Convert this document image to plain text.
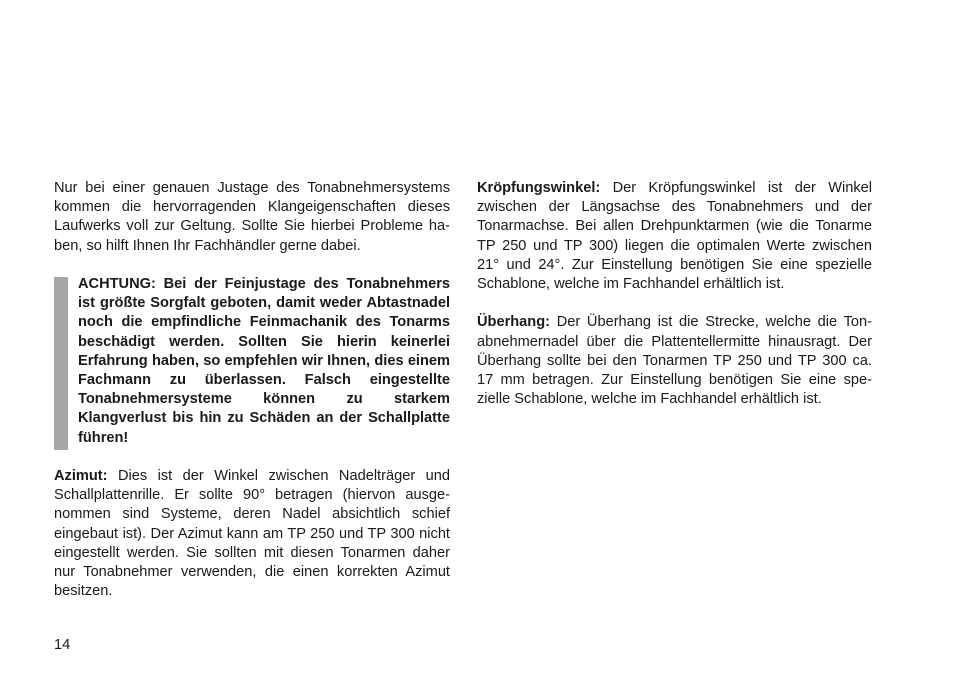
Nur bei einer genauen Justage des Tonabnehmersystems kommen die hervorragenden Klangeigenschaften dieses Laufwerks voll zur Geltung. Sollte Sie hierbei Probleme haben, so hilft Ihnen Ihr Fachhändler gerne dabei.

ACHTUNG: Bei der Feinjustage des Tonabnehmers ist größte Sorgfalt geboten, damit weder Abtastnadel noch die empfindliche Feinmachanik des Tonarms beschädigt werden. Sollten Sie hierin keinerlei Erfahrung haben, so empfehlen wir Ihnen, dies einem Fachmann zu überlassen. Falsch eingestellte Tonabnehmersysteme können zu starkem Klangverlust bis hin zu Schäden an der Schallplatte führen!

Azimut: Dies ist der Winkel zwischen Nadelträger und Schallplattenrille. Er sollte 90° betragen (hiervon ausgenommen sind Systeme, deren Nadel absichtlich schief eingebaut ist). Der Azimut kann am TP 250 und TP 300 nicht eingestellt werden. Sie sollten mit diesen Tonarmen daher nur Tonabnehmer verwenden, die einen korrekten Azimut besitzen.

Kröpfungswinkel: Der Kröpfungswinkel ist der Winkel zwischen der Längsachse des Tonabnehmers und der Tonarmachse. Bei allen Drehpunktarmen (wie die Tonarme TP 250 und TP 300) liegen die optimalen Werte zwischen 21° und 24°. Zur Einstellung benötigen Sie eine spezielle Schablone, welche im Fachhandel erhältlich ist.

Überhang: Der Überhang ist die Strecke, welche die Tonabnehmernadel über die Plattentellermitte hinausragt. Der Überhang sollte bei den Tonarmen TP 250 und TP 300 ca. 17 mm betragen. Zur Einstellung benötigen Sie eine spezielle Schablone, welche im Fachhandel erhältlich ist.

14
